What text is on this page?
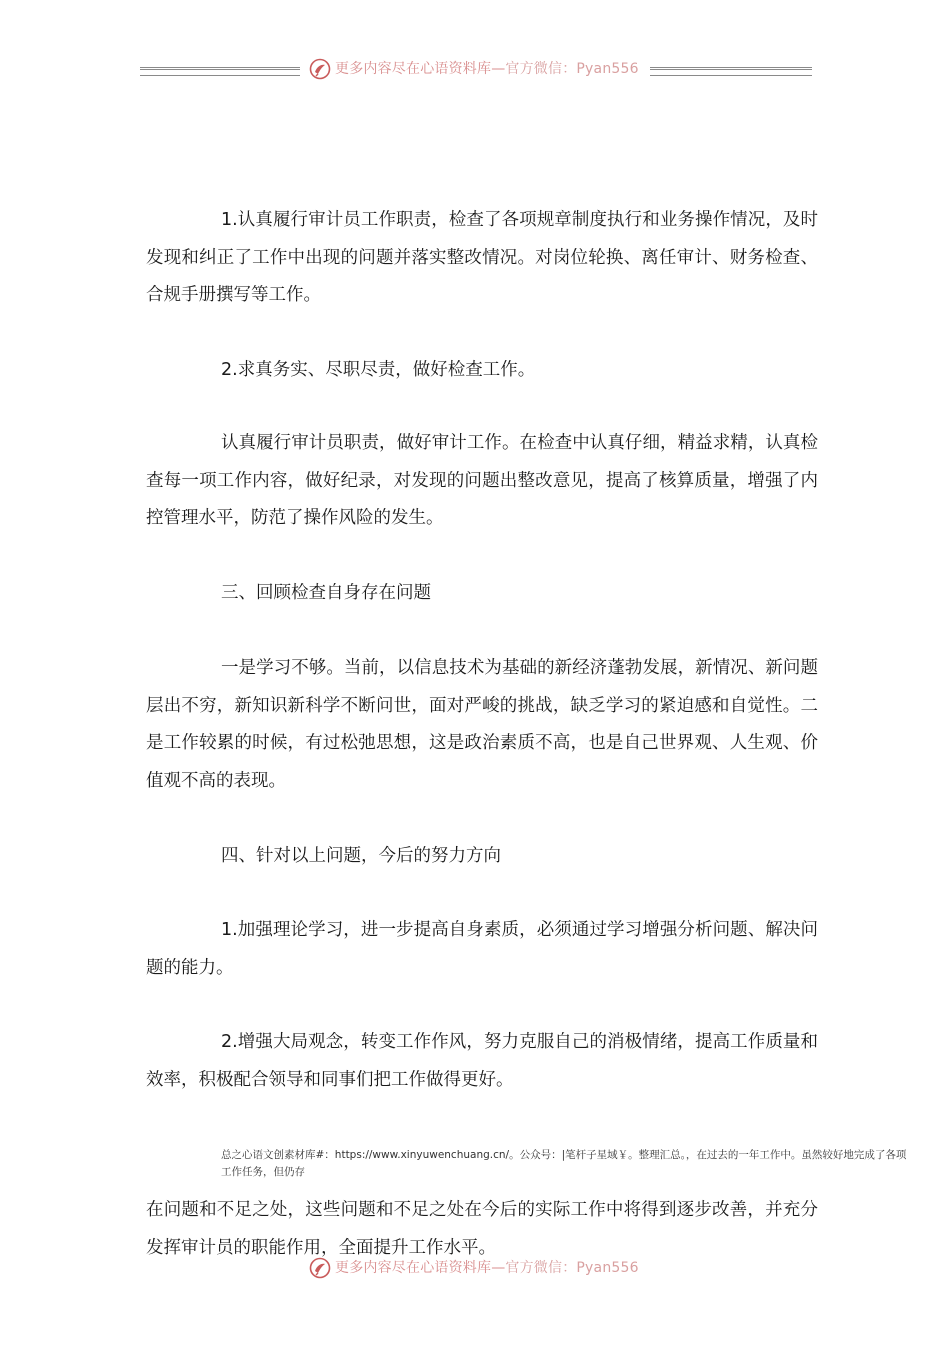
更多内容尽在心语资料库—官方微信：Pyan556

1.认真履行审计员工作职责，检查了各项规章制度执行和业务操作情况，及时发现和纠正了工作中出现的问题并落实整改情况。对岗位轮换、离任审计、财务检查、合规手册撰写等工作。

2.求真务实、尽职尽责，做好检查工作。

认真履行审计员职责，做好审计工作。在检查中认真仔细，精益求精，认真检查每一项工作内容，做好纪录，对发现的问题出整改意见，提高了核算质量，增强了内控管理水平，防范了操作风险的发生。

三、回顾检查自身存在问题

一是学习不够。当前，以信息技术为基础的新经济蓬勃发展，新情况、新问题层出不穷，新知识新科学不断问世，面对严峻的挑战，缺乏学习的紧迫感和自觉性。二是工作较累的时候，有过松弛思想，这是政治素质不高，也是自己世界观、人生观、价值观不高的表现。

四、针对以上问题，今后的努力方向

1.加强理论学习，进一步提高自身素质，必须通过学习增强分析问题、解决问题的能力。

2.增强大局观念，转变工作作风，努力克服自己的消极情绪，提高工作质量和效率，积极配合领导和同事们把工作做得更好。

总之心语文创素材库#：https://www.xinyuwenchuang.cn/。公众号：|笔杆子星域￥。整理汇总。，在过去的一年工作中。虽然较好地完成了各项工作任务，但仍存

在问题和不足之处，这些问题和不足之处在今后的实际工作中将得到逐步改善，并充分发挥审计员的职能作用，全面提升工作水平。

更多内容尽在心语资料库—官方微信：Pyan556
